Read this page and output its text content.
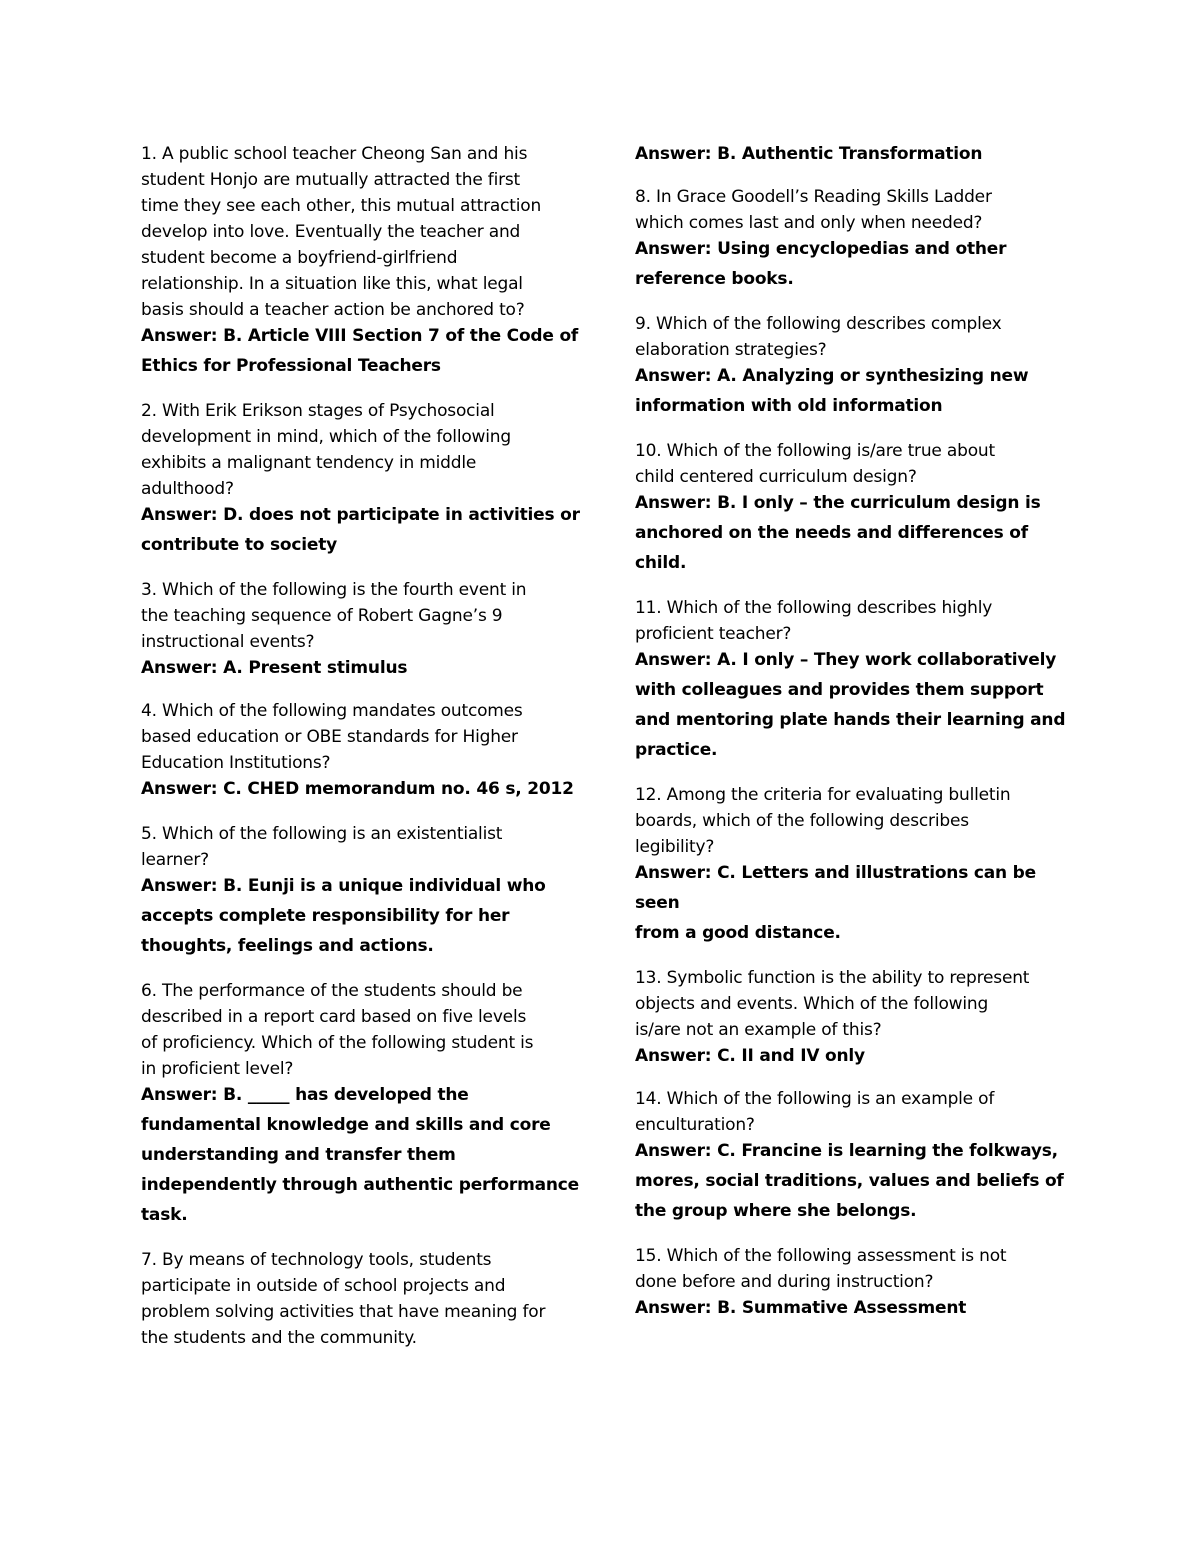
1. A public school teacher Cheong San and his
student Honjo are mutually attracted the first
time they see each other, this mutual attraction
develop into love. Eventually the teacher and
student become a boyfriend-girlfriend
relationship. In a situation like this, what legal
basis should a teacher action be anchored to?
Answer: B. Article VIII Section 7 of the Code of
Ethics for Professional Teachers
2. With Erik Erikson stages of Psychosocial
development in mind, which of the following
exhibits a malignant tendency in middle
adulthood?
Answer: D. does not participate in activities or
contribute to society
3. Which of the following is the fourth event in
the teaching sequence of Robert Gagne’s 9
instructional events?
Answer: A. Present stimulus
4. Which of the following mandates outcomes
based education or OBE standards for Higher
Education Institutions?
Answer: C. CHED memorandum no. 46 s, 2012
5. Which of the following is an existentialist
learner?
Answer: B. Eunji is a unique individual who
accepts complete responsibility for her
thoughts, feelings and actions.
6. The performance of the students should be
described in a report card based on five levels
of proficiency. Which of the following student is
in proficient level?
Answer: B. _____ has developed the
fundamental knowledge and skills and core
understanding and transfer them
independently through authentic performance
task.
7. By means of technology tools, students
participate in outside of school projects and
problem solving activities that have meaning for
the students and the community.
Answer: B. Authentic Transformation
8. In Grace Goodell’s Reading Skills Ladder
which comes last and only when needed?
Answer: Using encyclopedias and other
reference books.
9. Which of the following describes complex
elaboration strategies?
Answer: A. Analyzing or synthesizing new
information with old information
10. Which of the following is/are true about
child centered curriculum design?
Answer: B. I only – the curriculum design is
anchored on the needs and differences of child.
11. Which of the following describes highly
proficient teacher?
Answer: A. I only – They work collaboratively
with colleagues and provides them support
and mentoring plate hands their learning and
practice.
12. Among the criteria for evaluating bulletin
boards, which of the following describes
legibility?
Answer: C. Letters and illustrations can be seen
from a good distance.
13. Symbolic function is the ability to represent
objects and events. Which of the following
is/are not an example of this?
Answer: C. II and IV only
14. Which of the following is an example of
enculturation?
Answer: C. Francine is learning the folkways,
mores, social traditions, values and beliefs of
the group where she belongs.
15. Which of the following assessment is not
done before and during instruction?
Answer: B. Summative Assessment
